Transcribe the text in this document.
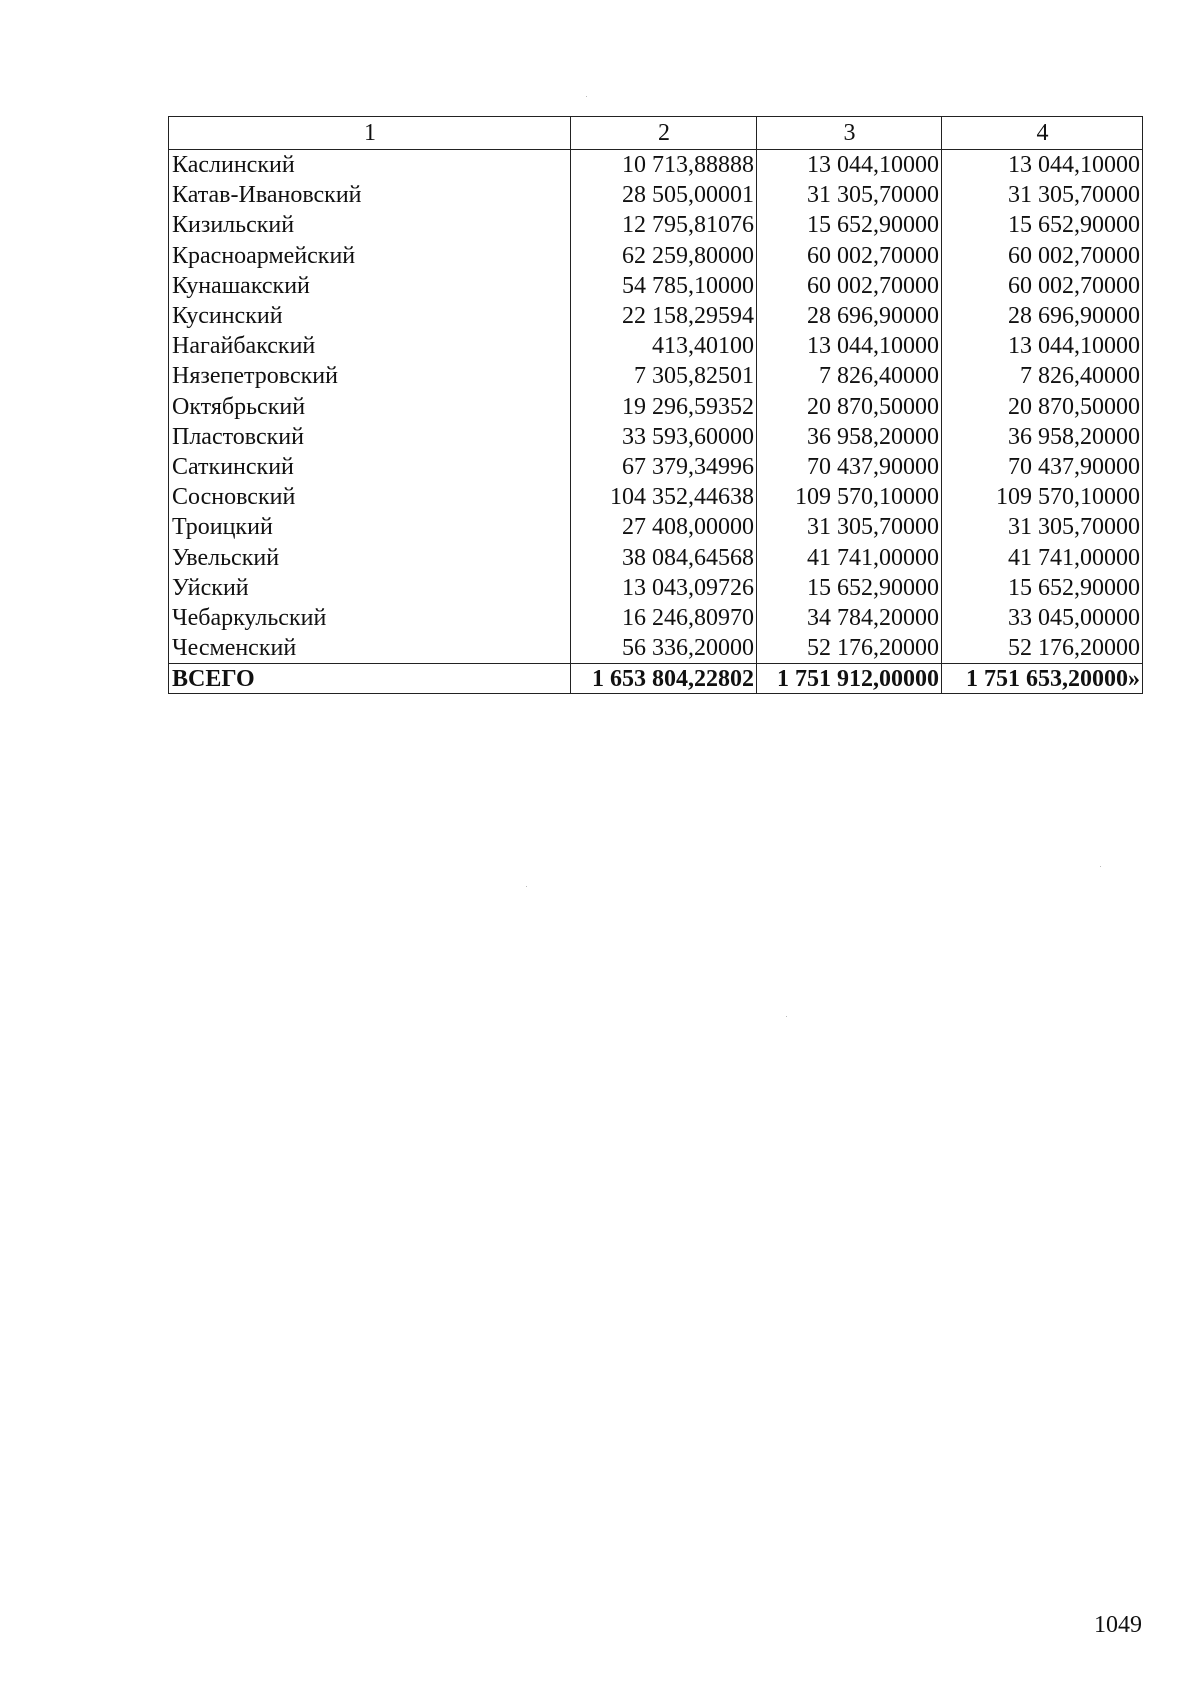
1	2	3	4
Каслинский	10 713,88888	13 044,10000	13 044,10000
Катав-Ивановский	28 505,00001	31 305,70000	31 305,70000
Кизильский	12 795,81076	15 652,90000	15 652,90000
Красноармейский	62 259,80000	60 002,70000	60 002,70000
Кунашакский	54 785,10000	60 002,70000	60 002,70000
Кусинский	22 158,29594	28 696,90000	28 696,90000
Нагайбакский	413,40100	13 044,10000	13 044,10000
Нязепетровский	7 305,82501	7 826,40000	7 826,40000
Октябрьский	19 296,59352	20 870,50000	20 870,50000
Пластовский	33 593,60000	36 958,20000	36 958,20000
Саткинский	67 379,34996	70 437,90000	70 437,90000
Сосновский	104 352,44638	109 570,10000	109 570,10000
Троицкий	27 408,00000	31 305,70000	31 305,70000
Увельский	38 084,64568	41 741,00000	41 741,00000
Уйский	13 043,09726	15 652,90000	15 652,90000
Чебаркульский	16 246,80970	34 784,20000	33 045,00000
Чесменский	56 336,20000	52 176,20000	52 176,20000
ВСЕГО	1 653 804,22802	1 751 912,00000	1 751 653,20000»
1049
